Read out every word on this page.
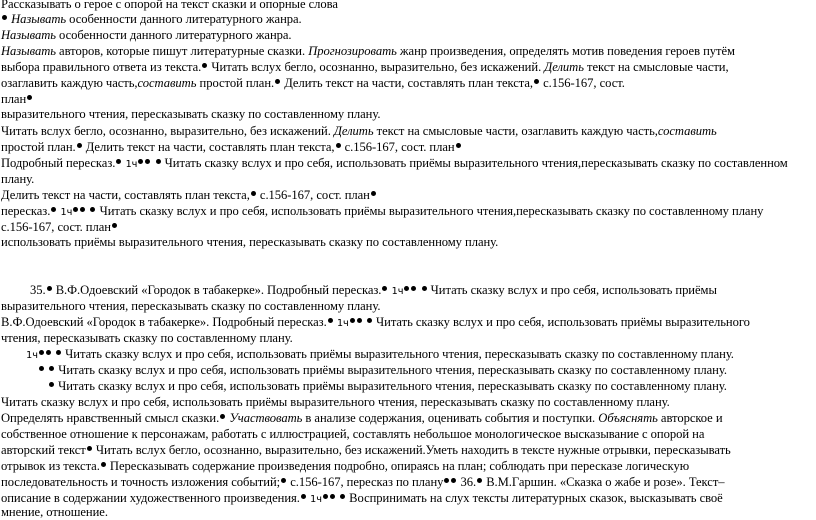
Рассказывать о герое с опорой на текст сказки и опорные слова
Называть особенности данного литературного жанра.
Называть особенности данного литературного жанра.
Называть авторов, которые пишут литературные сказки. Прогнозировать жанр произведения, определять мотив поведения героев путём
выбора правильного ответа из текста. Читать вслух бегло, осознанно, выразительно, без искажений. Делить текст на смысловые части,
озаглавить каждую часть,составить простой план. Делить текст на части, составлять план текста, с.156-167, сост.
план
выразительного чтения, пересказывать сказку по составленному плану.
Читать вслух бегло, осознанно, выразительно, без искажений. Делить текст на смысловые части, озаглавить каждую часть,составить
простой план. Делить текст на части, составлять план текста, с.156-167, сост. план
Подробный пересказ. 1ч  Читать сказку вслух и про себя, использовать приёмы выразительного чтения,пересказывать сказку по составленном
плану.
Делить текст на части, составлять план текста, с.156-167, сост. план
пересказ. 1ч  Читать сказку вслух и про себя, использовать приёмы выразительного чтения,пересказывать сказку по составленному плану
с.156-167, сост. план
использовать приёмы выразительного чтения, пересказывать сказку по составленному плану.
35. В.Ф.Одоевский «Городок в табакерке». Подробный пересказ. 1ч  Читать сказку вслух и про себя, использовать приёмы
выразительного чтения, пересказывать сказку по составленному плану.
В.Ф.Одоевский «Городок в табакерке». Подробный пересказ. 1ч  Читать сказку вслух и про себя, использовать приёмы выразительного
чтения, пересказывать сказку по составленному плану.
1ч  Читать сказку вслух и про себя, использовать приёмы выразительного чтения, пересказывать сказку по составленному плану.
Читать сказку вслух и про себя, использовать приёмы выразительного чтения, пересказывать сказку по составленному плану.
Читать сказку вслух и про себя, использовать приёмы выразительного чтения, пересказывать сказку по составленному плану.
Читать сказку вслух и про себя, использовать приёмы выразительного чтения, пересказывать сказку по составленному плану.
Определять нравственный смысл сказки. Участвовать в анализе содержания, оценивать события и поступки. Объяснять авторское и
собственное отношение к персонажам, работать с иллюстрацией, составлять небольшое монологическое высказывание с опорой на
авторский текст Читать вслух бегло, осознанно, выразительно, без искажений.Уметь находить в тексте нужные отрывки, пересказывать
отрывок из текста. Пересказывать содержание произведения подробно, опираясь на план; соблюдать при пересказе логическую
последовательность и точность изложения событий; с.156-167, пересказ по плану 36. В.М.Гаршин. «Сказка о жабе и розе». Текст–
описание в содержании художественного произведения. 1ч  Воспринимать на слух тексты литературных сказок, высказывать своё
мнение, отношение.
